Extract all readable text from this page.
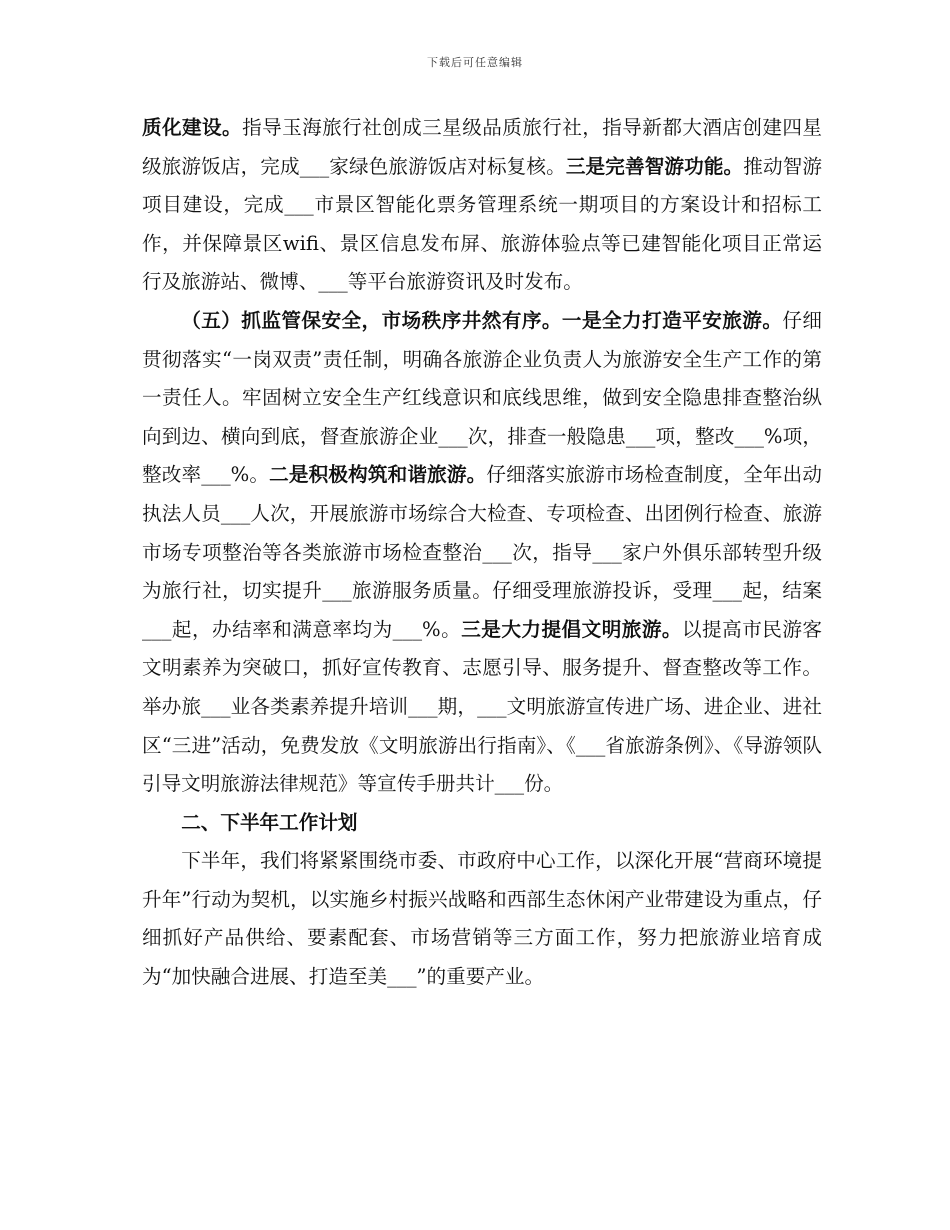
下载后可任意编辑

质化建设。指导玉海旅行社创成三星级品质旅行社，指导新都大酒店创建四星级旅游饭店，完成___家绿色旅游饭店对标复核。三是完善智游功能。推动智游项目建设，完成___市景区智能化票务管理系统一期项目的方案设计和招标工作，并保障景区wifi、景区信息发布屏、旅游体验点等已建智能化项目正常运行及旅游站、微博、___等平台旅游资讯及时发布。

（五）抓监管保安全，市场秩序井然有序。一是全力打造平安旅游。仔细贯彻落实“一岗双责”责任制，明确各旅游企业负责人为旅游安全生产工作的第一责任人。牢固树立安全生产红线意识和底线思维，做到安全隐患排查整治纵向到边、横向到底，督查旅游企业___次，排查一般隐患___项，整改___%项，整改率___%。二是积极构筑和谐旅游。仔细落实旅游市场检查制度，全年出动执法人员___人次，开展旅游市场综合大检查、专项检查、出团例行检查、旅游市场专项整治等各类旅游市场检查整治___次，指导___家户外俱乐部转型升级为旅行社，切实提升___旅游服务质量。仔细受理旅游投诉，受理___起，结案___起，办结率和满意率均为___%。三是大力提倡文明旅游。以提高市民游客文明素养为突破口，抓好宣传教育、志愿引导、服务提升、督查整改等工作。举办旅___业各类素养提升培训___期，___文明旅游宣传进广场、进企业、进社区“三进”活动，免费发放《文明旅游出行指南》、《___省旅游条例》、《导游领队引导文明旅游法律规范》等宣传手册共计___份。

二、下半年工作计划

下半年，我们将紧紧围绕市委、市政府中心工作，以深化开展“营商环境提升年”行动为契机，以实施乡村振兴战略和西部生态休闲产业带建设为重点，仔细抓好产品供给、要素配套、市场营销等三方面工作，努力把旅游业培育成为“加快融合进展、打造至美___”的重要产业。
